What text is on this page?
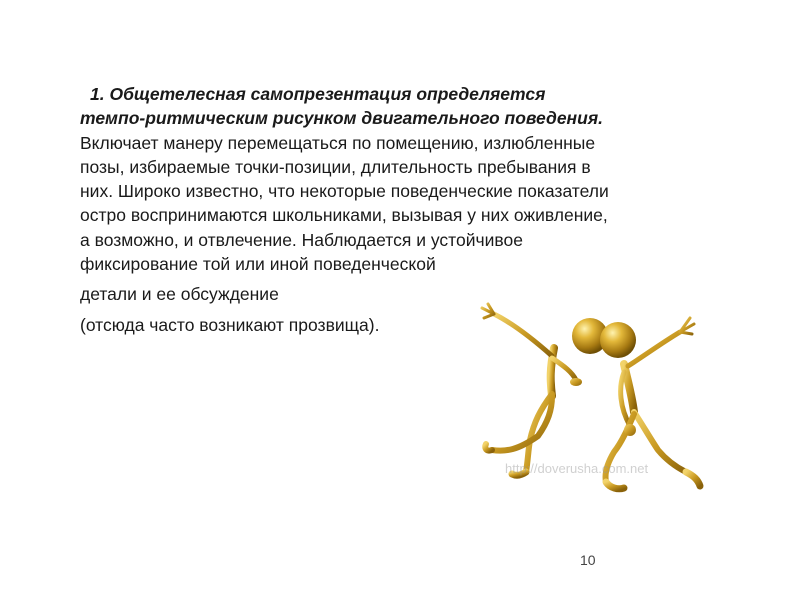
1. Общетелесная самопрезентация определяется
темпо-ритмическим рисунком двигательного поведения.
Включает манеру перемещаться по помещению, излюбленные
позы, избираемые точки-позиции, длительность пребывания в
них. Широко известно, что некоторые поведенческие показатели
остро воспринимаются школьниками, вызывая у них оживление,
а возможно, и отвлечение. Наблюдается и устойчивое
фиксирование той или иной поведенческой
детали и ее обсуждение
(отсюда часто возникают прозвища).
http://doverusha.com.net
10
